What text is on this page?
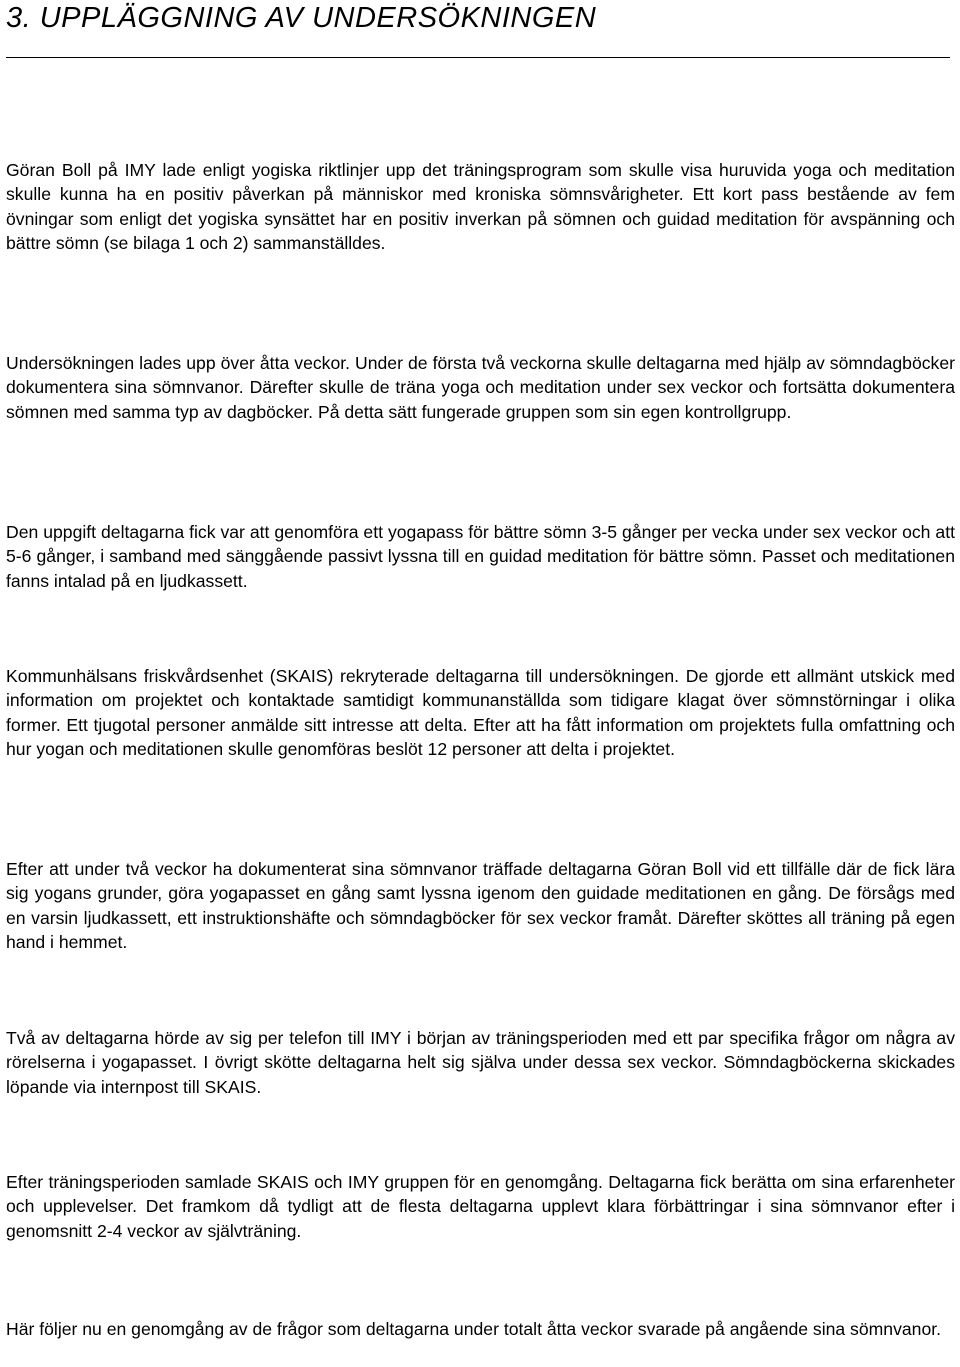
3. UPPLÄGGNING AV UNDERSÖKNINGEN

Göran Boll på IMY lade enligt yogiska riktlinjer upp det träningsprogram som skulle visa huruvida yoga och meditation skulle kunna ha en positiv påverkan på människor med kroniska sömnsvårigheter. Ett kort pass bestående av fem övningar som enligt det yogiska synsättet har en positiv inverkan på sömnen och guidad meditation för avspänning och bättre sömn (se bilaga 1 och 2) sammanställdes.

Undersökningen lades upp över åtta veckor. Under de första två veckorna skulle deltagarna med hjälp av sömndagböcker dokumentera sina sömnvanor. Därefter skulle de träna yoga och meditation under sex veckor och fortsätta dokumentera sömnen med samma typ av dagböcker. På detta sätt fungerade gruppen som sin egen kontrollgrupp.

Den uppgift deltagarna fick var att genomföra ett yogapass för bättre sömn 3-5 gånger per vecka under sex veckor och att 5-6 gånger, i samband med sänggående passivt lyssna till en guidad meditation för bättre sömn. Passet och meditationen fanns intalad på en ljudkassett.

Kommunhälsans friskvårdsenhet (SKAIS) rekryterade deltagarna till undersökningen. De gjorde ett allmänt utskick med information om projektet och kontaktade samtidigt kommunanställda som tidigare klagat över sömnstörningar i olika former. Ett tjugotal personer anmälde sitt intresse att delta. Efter att ha fått information om projektets fulla omfattning och hur yogan och meditationen skulle genomföras beslöt 12 personer att delta i projektet.

Efter att under två veckor ha dokumenterat sina sömnvanor träffade deltagarna Göran Boll vid ett tillfälle där de fick lära sig yogans grunder, göra yogapasset en gång samt lyssna igenom den guidade meditationen en gång. De försågs med en varsin ljudkassett, ett instruktionshäfte och sömndagböcker för sex veckor framåt. Därefter sköttes all träning på egen hand i hemmet.

Två av deltagarna hörde av sig per telefon till IMY i början av träningsperioden med ett par specifika frågor om några av rörelserna i yogapasset. I övrigt skötte deltagarna helt sig själva under dessa sex veckor. Sömndagböckerna skickades löpande via internpost till SKAIS.

Efter träningsperioden samlade SKAIS och IMY gruppen för en genomgång. Deltagarna fick berätta om sina erfarenheter och upplevelser. Det framkom då tydligt att de flesta deltagarna upplevt klara förbättringar i sina sömnvanor efter i genomsnitt 2-4 veckor av självträning.

Här följer nu en genomgång av de frågor som deltagarna under totalt åtta veckor svarade på angående sina sömnvanor.
